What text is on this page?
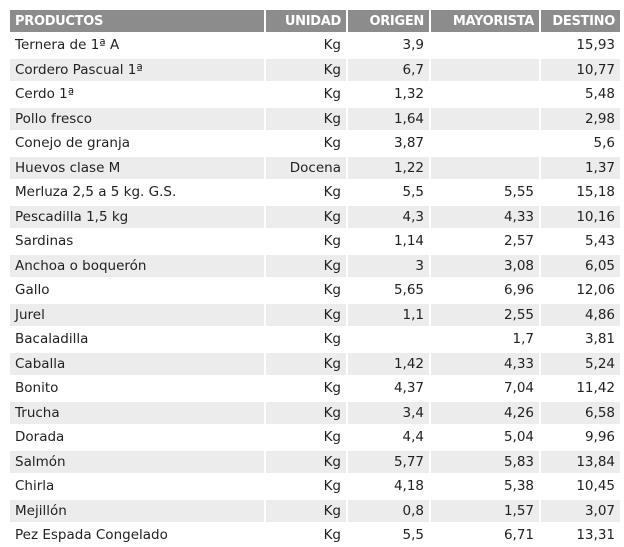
PRODUCTOS	UNIDAD	ORIGEN	MAYORISTA	DESTINO
Ternera de 1ª A	Kg	3,9		15,93
Cordero Pascual 1ª	Kg	6,7		10,77
Cerdo 1ª	Kg	1,32		5,48
Pollo fresco	Kg	1,64		2,98
Conejo de granja	Kg	3,87		5,6
Huevos clase M	Docena	1,22		1,37
Merluza 2,5 a 5 kg. G.S.	Kg	5,5	5,55	15,18
Pescadilla 1,5 kg	Kg	4,3	4,33	10,16
Sardinas	Kg	1,14	2,57	5,43
Anchoa o boquerón	Kg	3	3,08	6,05
Gallo	Kg	5,65	6,96	12,06
Jurel	Kg	1,1	2,55	4,86
Bacaladilla	Kg		1,7	3,81
Caballa	Kg	1,42	4,33	5,24
Bonito	Kg	4,37	7,04	11,42
Trucha	Kg	3,4	4,26	6,58
Dorada	Kg	4,4	5,04	9,96
Salmón	Kg	5,77	5,83	13,84
Chirla	Kg	4,18	5,38	10,45
Mejillón	Kg	0,8	1,57	3,07
Pez Espada Congelado	Kg	5,5	6,71	13,31
